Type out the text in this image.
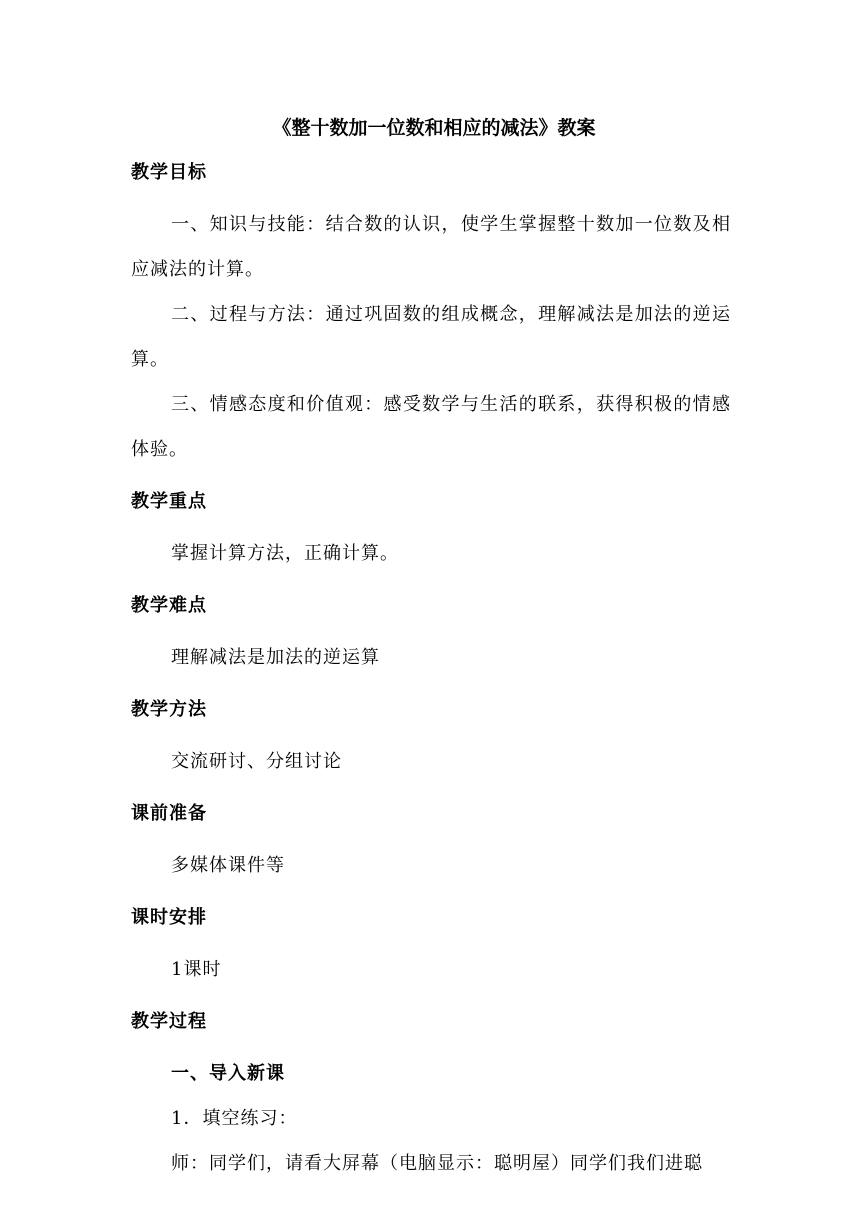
《整十数加一位数和相应的减法》教案
教学目标

一、知识与技能：结合数的认识，使学生掌握整十数加一位数及相应减法的计算。

二、过程与方法：通过巩固数的组成概念，理解减法是加法的逆运算。

三、情感态度和价值观：感受数学与生活的联系，获得积极的情感体验。

教学重点

掌握计算方法，正确计算。

教学难点

理解减法是加法的逆运算

教学方法

交流研讨、分组讨论

课前准备

多媒体课件等

课时安排

1课时

教学过程

一、导入新课

1．填空练习：

师：同学们，请看大屏幕（电脑显示：聪明屋）同学们我们进聪
